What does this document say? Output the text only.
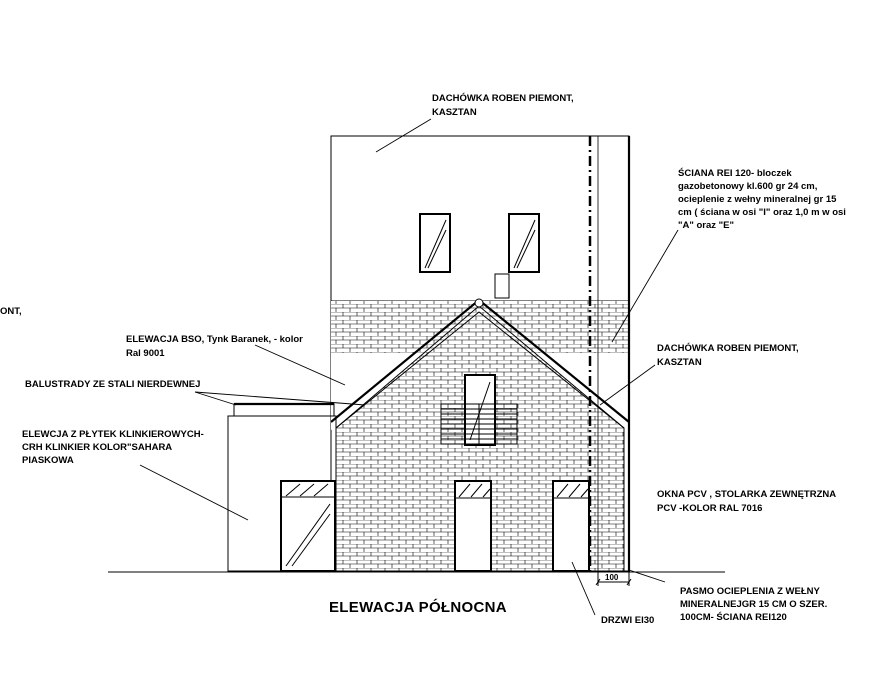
100
DACHÓWKA ROBEN PIEMONT, KASZTAN
ŚCIANA REI 120- bloczek gazobetonowy kl.600 gr 24 cm, ocieplenie z wełny mineralnej gr 15 cm ( ściana w osi "I" oraz 1,0 m w osi "A" oraz "E"
ONT,
ELEWACJA BSO, Tynk Baranek, - kolor Ral 9001
BALUSTRADY ZE STALI NIERDEWNEJ
ELEWCJA Z PŁYTEK KLINKIEROWYCH- CRH KLINKIER KOLOR"SAHARA PIASKOWA
DACHÓWKA ROBEN PIEMONT, KASZTAN
OKNA PCV , STOLARKA ZEWNĘTRZNA PCV -KOLOR RAL 7016
PASMO OCIEPLENIA Z WEŁNY MINERALNEJGR 15 CM O SZER. 100CM- ŚCIANA REI120
DRZWI EI30
ELEWACJA PÓŁNOCNA
